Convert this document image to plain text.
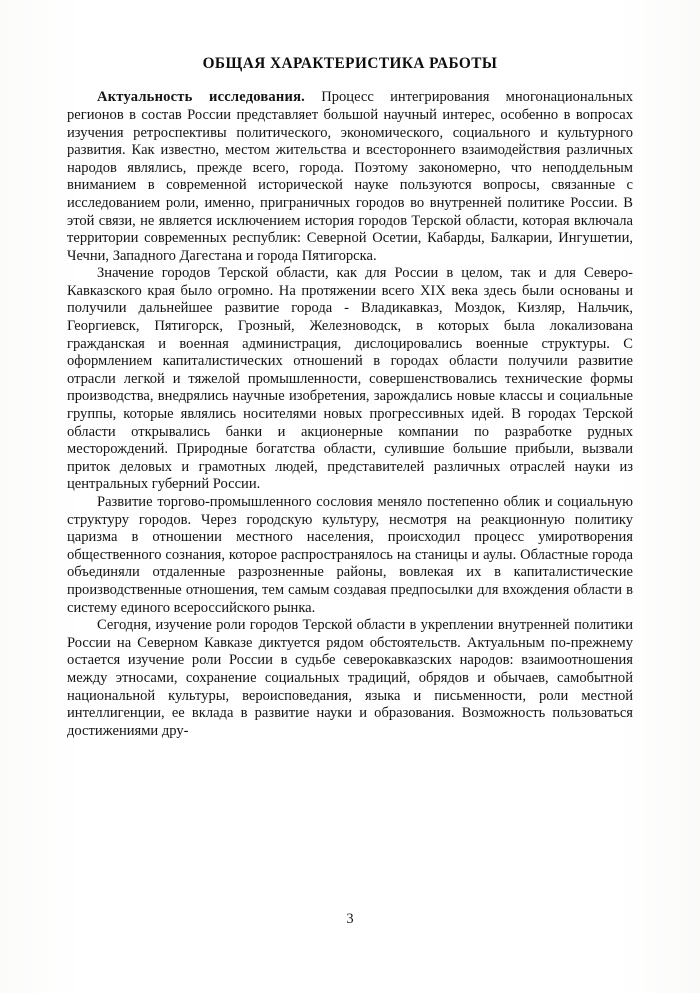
ОБЩАЯ ХАРАКТЕРИСТИКА РАБОТЫ

Актуальность исследования. Процесс интегрирования многонациональных регионов в состав России представляет большой научный интерес, особенно в вопросах изучения ретроспективы политического, экономического, социального и культурного развития. Как известно, местом жительства и всестороннего взаимодействия различных народов являлись, прежде всего, города. Поэтому закономерно, что неподдельным вниманием в современной исторической науке пользуются вопросы, связанные с исследованием роли, именно, приграничных городов во внутренней политике России. В этой связи, не является исключением история городов Терской области, которая включала территории современных республик: Северной Осетии, Кабарды, Балкарии, Ингушетии, Чечни, Западного Дагестана и города Пятигорска.

Значение городов Терской области, как для России в целом, так и для Северо-Кавказского края было огромно. На протяжении всего XIX века здесь были основаны и получили дальнейшее развитие города - Владикавказ, Моздок, Кизляр, Нальчик, Георгиевск, Пятигорск, Грозный, Железноводск, в которых была локализована гражданская и военная администрация, дислоцировались военные структуры. С оформлением капиталистических отношений в городах области получили развитие отрасли легкой и тяжелой промышленности, совершенствовались технические формы производства, внедрялись научные изобретения, зарождались новые классы и социальные группы, которые являлись носителями новых прогрессивных идей. В городах Терской области открывались банки и акционерные компании по разработке рудных месторождений. Природные богатства области, сулившие большие прибыли, вызвали приток деловых и грамотных людей, представителей различных отраслей науки из центральных губерний России.

Развитие торгово-промышленного сословия меняло постепенно облик и социальную структуру городов. Через городскую культуру, несмотря на реакционную политику царизма в отношении местного населения, происходил процесс умиротворения общественного сознания, которое распространялось на станицы и аулы. Областные города объединяли отдаленные разрозненные районы, вовлекая их в капиталистические производственные отношения, тем самым создавая предпосылки для вхождения области в систему единого всероссийского рынка.

Сегодня, изучение роли городов Терской области в укреплении внутренней политики России на Северном Кавказе диктуется рядом обстоятельств. Актуальным по-прежнему остается изучение роли России в судьбе северокавказских народов: взаимоотношения между этносами, сохранение социальных традиций, обрядов и обычаев, самобытной национальной культуры, вероисповедания, языка и письменности, роли местной интеллигенции, ее вклада в развитие науки и образования. Возможность пользоваться достижениями дру-

3
